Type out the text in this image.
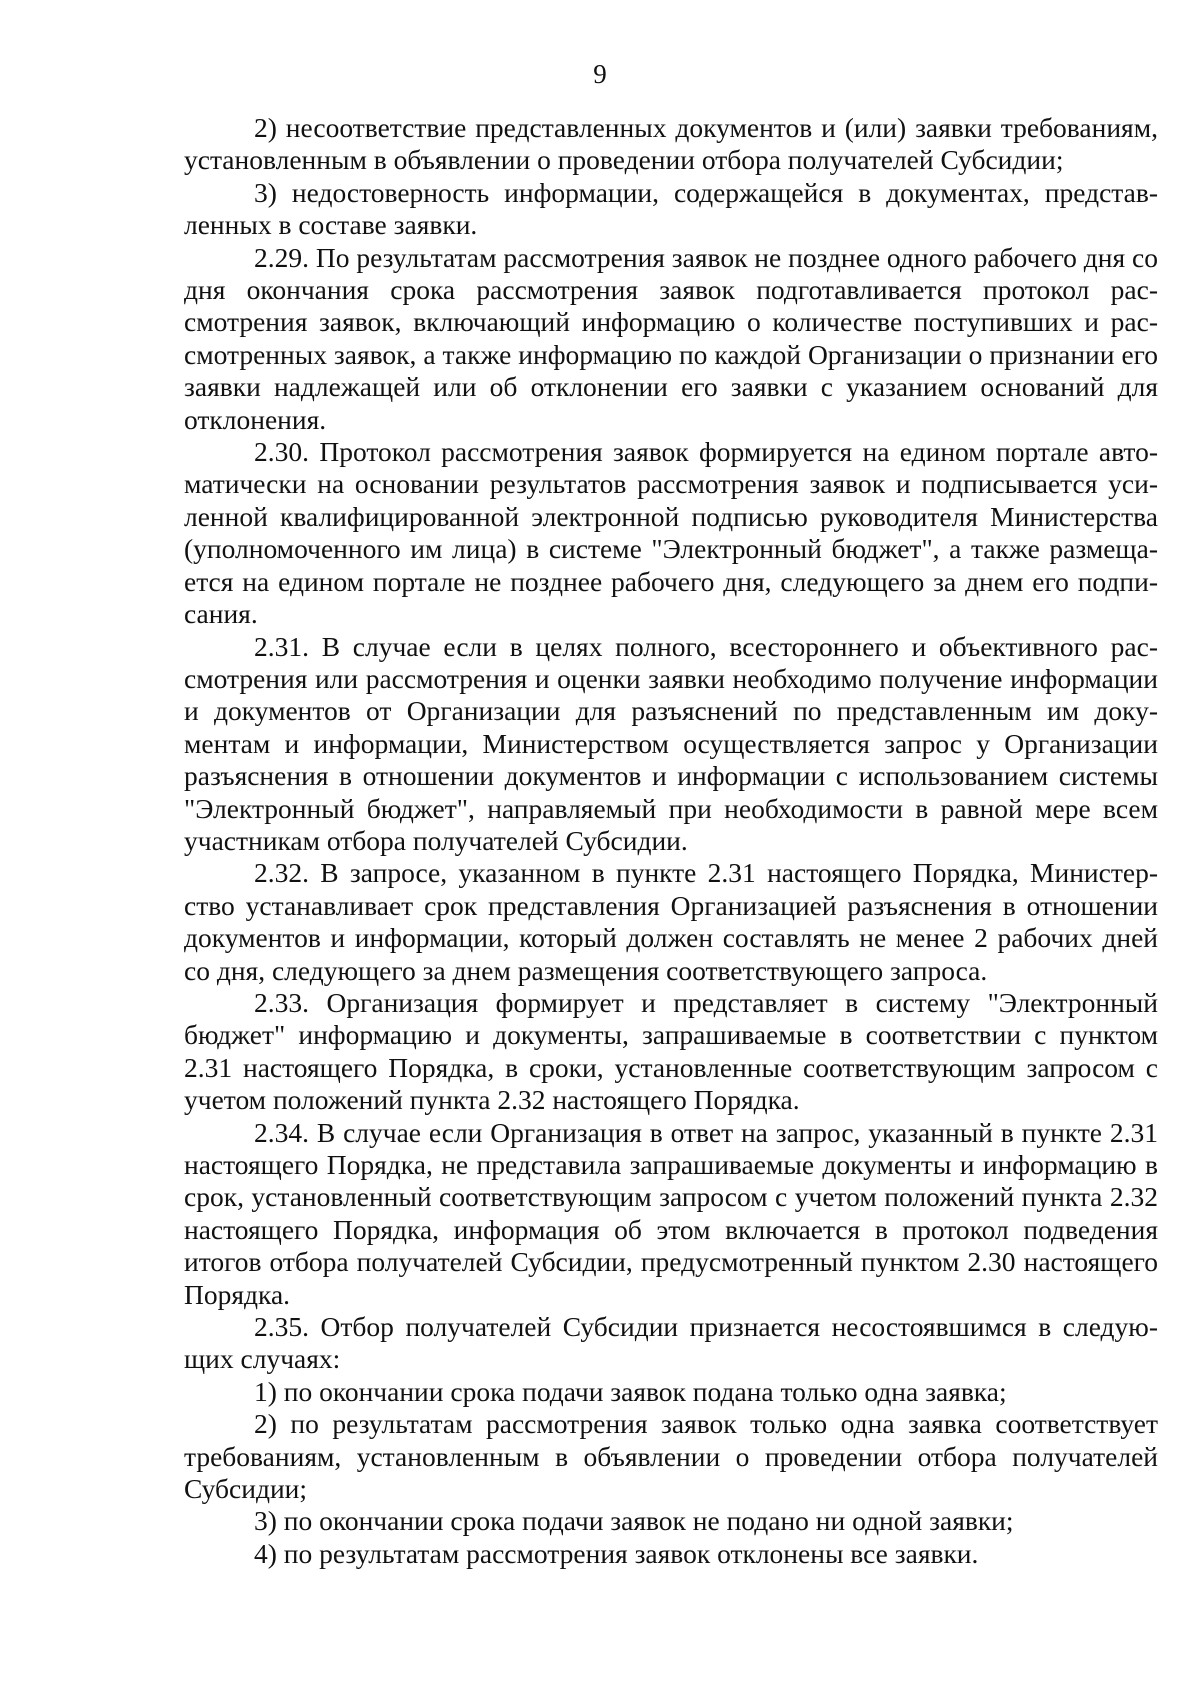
9

2) несоответствие представленных документов и (или) заявки требованиям, установленным в объявлении о проведении отбора получателей Субсидии;

3) недостоверность информации, содержащейся в документах, представленных в составе заявки.

2.29. По результатам рассмотрения заявок не позднее одного рабочего дня со дня окончания срока рассмотрения заявок подготавливается протокол рассмотрения заявок, включающий информацию о количестве поступивших и рассмотренных заявок, а также информацию по каждой Организации о признании его заявки надлежащей или об отклонении его заявки с указанием оснований для отклонения.

2.30. Протокол рассмотрения заявок формируется на едином портале автоматически на основании результатов рассмотрения заявок и подписывается усиленной квалифицированной электронной подписью руководителя Министерства (уполномоченного им лица) в системе "Электронный бюджет", а также размещается на едином портале не позднее рабочего дня, следующего за днем его подписания.

2.31. В случае если в целях полного, всестороннего и объективного рассмотрения или рассмотрения и оценки заявки необходимо получение информации и документов от Организации для разъяснений по представленным им документам и информации, Министерством осуществляется запрос у Организации разъяснения в отношении документов и информации с использованием системы "Электронный бюджет", направляемый при необходимости в равной мере всем участникам отбора получателей Субсидии.

2.32. В запросе, указанном в пункте 2.31 настоящего Порядка, Министерство устанавливает срок представления Организацией разъяснения в отношении документов и информации, который должен составлять не менее 2 рабочих дней со дня, следующего за днем размещения соответствующего запроса.

2.33. Организация формирует и представляет в систему "Электронный бюджет" информацию и документы, запрашиваемые в соответствии с пунктом 2.31 настоящего Порядка, в сроки, установленные соответствующим запросом с учетом положений пункта 2.32 настоящего Порядка.

2.34. В случае если Организация в ответ на запрос, указанный в пункте 2.31 настоящего Порядка, не представила запрашиваемые документы и информацию в срок, установленный соответствующим запросом с учетом положений пункта 2.32 настоящего Порядка, информация об этом включается в протокол подведения итогов отбора получателей Субсидии, предусмотренный пунктом 2.30 настоящего Порядка.

2.35. Отбор получателей Субсидии признается несостоявшимся в следующих случаях:

1) по окончании срока подачи заявок подана только одна заявка;

2) по результатам рассмотрения заявок только одна заявка соответствует требованиям, установленным в объявлении о проведении отбора получателей Субсидии;

3) по окончании срока подачи заявок не подано ни одной заявки;

4) по результатам рассмотрения заявок отклонены все заявки.
